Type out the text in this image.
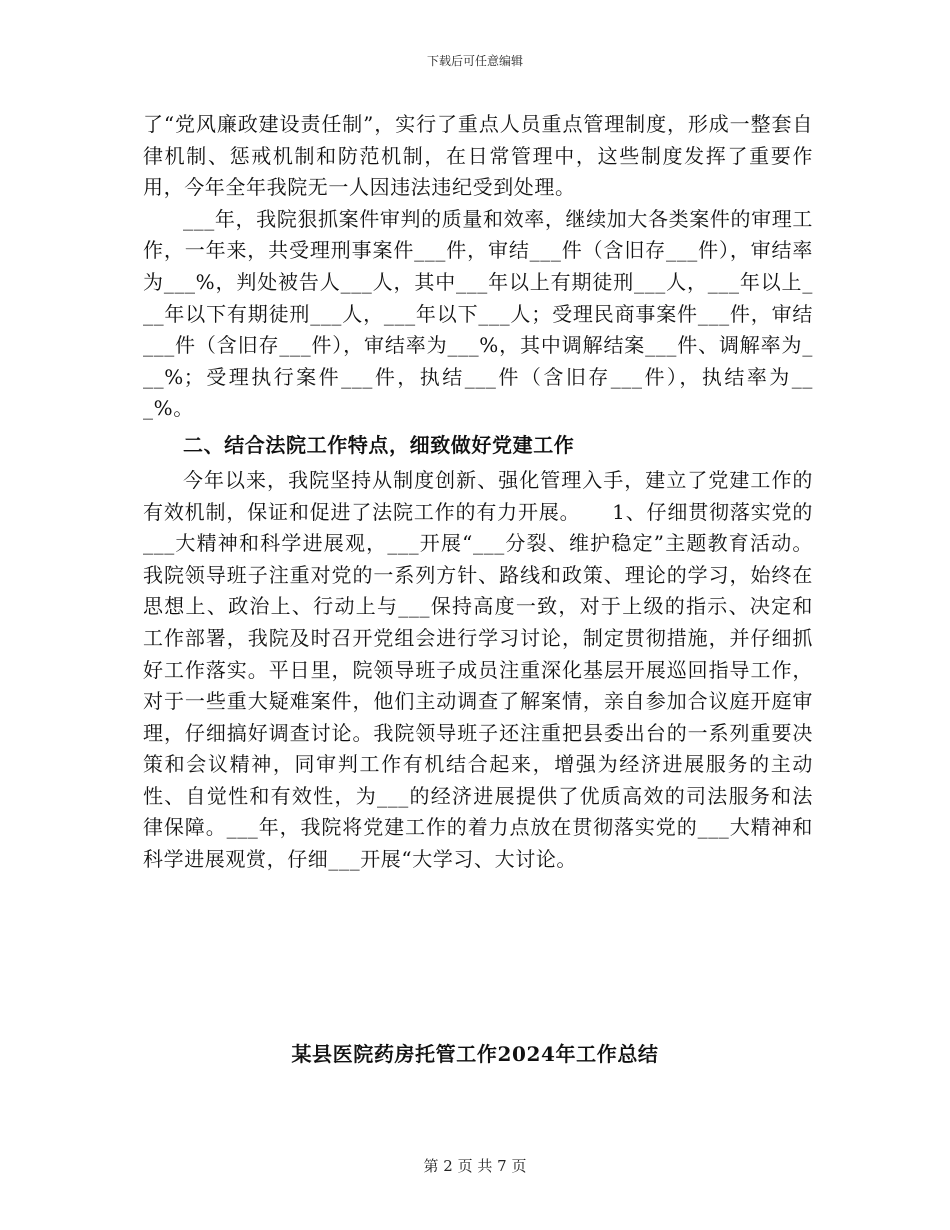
下载后可任意编辑

了“党风廉政建设责任制”，实行了重点人员重点管理制度，形成一整套自律机制、惩戒机制和防范机制，在日常管理中，这些制度发挥了重要作用，今年全年我院无一人因违法违纪受到处理。

___年，我院狠抓案件审判的质量和效率，继续加大各类案件的审理工作，一年来，共受理刑事案件___件，审结___件（含旧存___件），审结率为___%，判处被告人___人，其中___年以上有期徒刑___人，___年以上___年以下有期徒刑___人，___年以下___人；受理民商事案件___件，审结___件（含旧存___件），审结率为___%，其中调解结案___件、调解率为___%；受理执行案件___件，执结___件（含旧存___件），执结率为___%。

二、结合法院工作特点，细致做好党建工作

今年以来，我院坚持从制度创新、强化管理入手，建立了党建工作的有效机制，保证和促进了法院工作的有力开展。　　1、仔细贯彻落实党的___大精神和科学进展观，___开展“___分裂、维护稳定”主题教育活动。我院领导班子注重对党的一系列方针、路线和政策、理论的学习，始终在思想上、政治上、行动上与___保持高度一致，对于上级的指示、决定和工作部署，我院及时召开党组会进行学习讨论，制定贯彻措施，并仔细抓好工作落实。平日里，院领导班子成员注重深化基层开展巡回指导工作，对于一些重大疑难案件，他们主动调查了解案情，亲自参加合议庭开庭审理，仔细搞好调查讨论。我院领导班子还注重把县委出台的一系列重要决策和会议精神，同审判工作有机结合起来，增强为经济进展服务的主动性、自觉性和有效性，为___的经济进展提供了优质高效的司法服务和法律保障。___年，我院将党建工作的着力点放在贯彻落实党的___大精神和科学进展观赏，仔细___开展“大学习、大讨论。

某县医院药房托管工作2024年工作总结
第 2 页 共 7 页
